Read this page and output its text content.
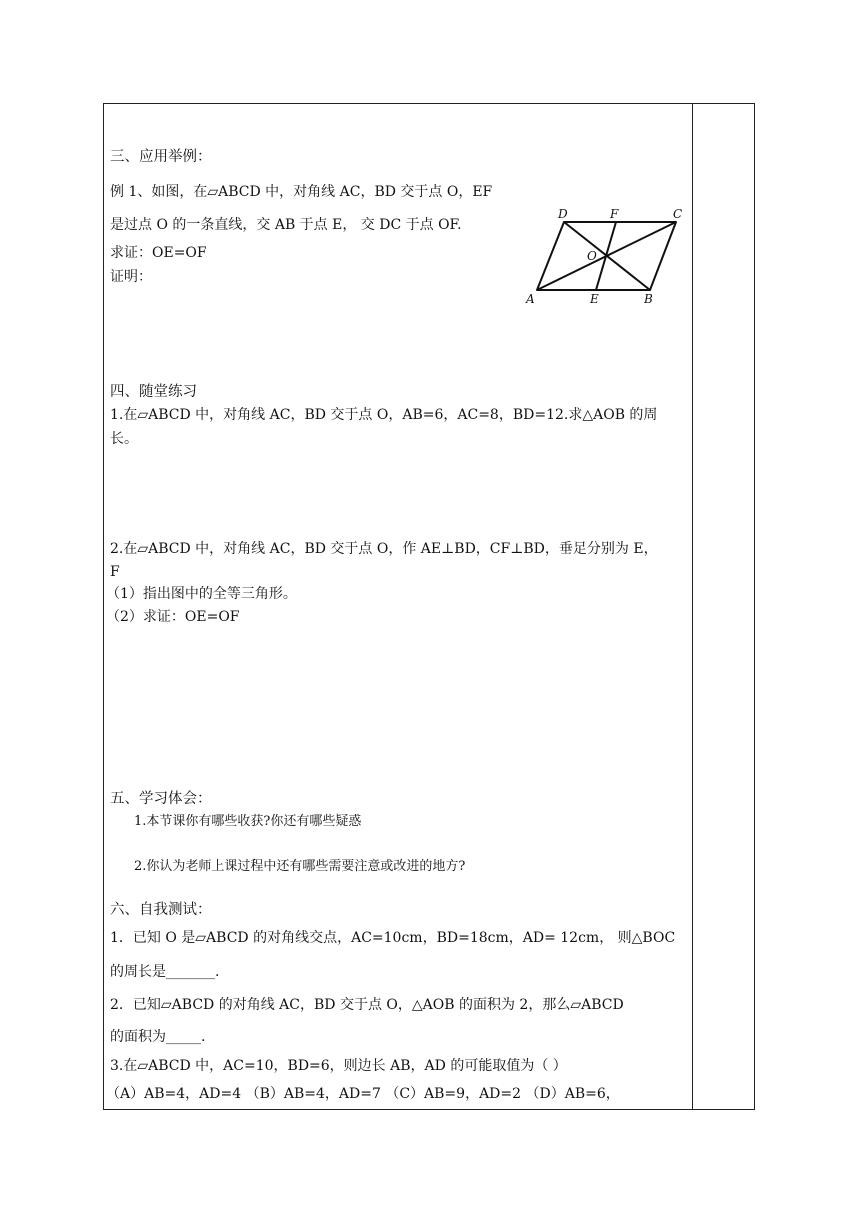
三、应用举例：
例 1、如图，在▱ABCD 中，对角线 AC，BD 交于点 O，EF
是过点 O 的一条直线，交 AB 于点 E， 交 DC 于点 OF.
求证：OE=OF
证明：
A	B
C
D
E
F
O
四、随堂练习
1.在▱ABCD 中，对角线 AC，BD 交于点 O，AB=6，AC=8，BD=12.求△AOB 的周
长。
2.在▱ABCD 中，对角线 AC，BD 交于点 O，作 AE⊥BD，CF⊥BD，垂足分别为 E，
F
（1）指出图中的全等三角形。
（2）求证：OE=OF
五、学习体会：
1.本节课你有哪些收获?你还有哪些疑惑
2.你认为老师上课过程中还有哪些需要注意或改进的地方?
六、自我测试：
1．已知 O 是▱ABCD 的对角线交点，AC=10cm，BD=18cm，AD= 12cm， 则△BOC
的周长是_______.
2．已知▱ABCD 的对角线 AC，BD 交于点 O，△AOB 的面积为 2，那么▱ABCD
的面积为_____.
3.在▱ABCD 中，AC=10，BD=6，则边长 AB，AD 的可能取值为（ ）
（A）AB=4，AD=4 （B）AB=4，AD=7 （C）AB=9，AD=2 （D）AB=6，
